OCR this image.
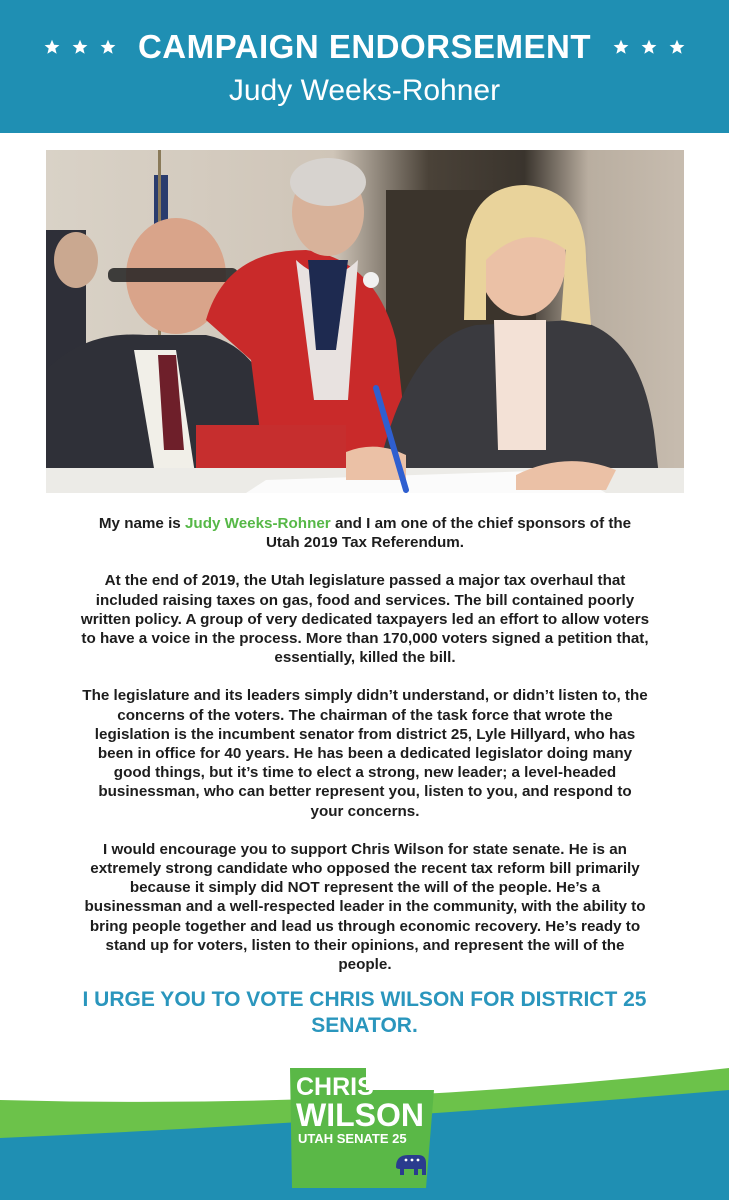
CAMPAIGN ENDORSEMENT
Judy Weeks-Rohner

My name is Judy Weeks-Rohner and I am one of the chief sponsors of the Utah 2019 Tax Referendum.

At the end of 2019, the Utah legislature passed a major tax overhaul that included raising taxes on gas, food and services. The bill contained poorly written policy. A group of very dedicated taxpayers led an effort to allow voters to have a voice in the process. More than 170,000 voters signed a petition that, essentially, killed the bill.

The legislature and its leaders simply didn’t understand, or didn’t listen to, the concerns of the voters. The chairman of the task force that wrote the legislation is the incumbent senator from district 25, Lyle Hillyard, who has been in office for 40 years. He has been a dedicated legislator doing many good things, but it’s time to elect a strong, new leader; a level-headed businessman, who can better represent you, listen to you, and respond to your concerns.

I would encourage you to support Chris Wilson for state senate. He is an extremely strong candidate who opposed the recent tax reform bill primarily because it simply did NOT represent the will of the people. He’s a businessman and a well-respected leader in the community, with the ability to bring people together and lead us through economic recovery. He’s ready to stand up for voters, listen to their opinions, and represent the will of the people.

I URGE YOU TO VOTE CHRIS WILSON FOR DISTRICT 25 SENATOR.
CHRIS
WILSON
UTAH SENATE 25
